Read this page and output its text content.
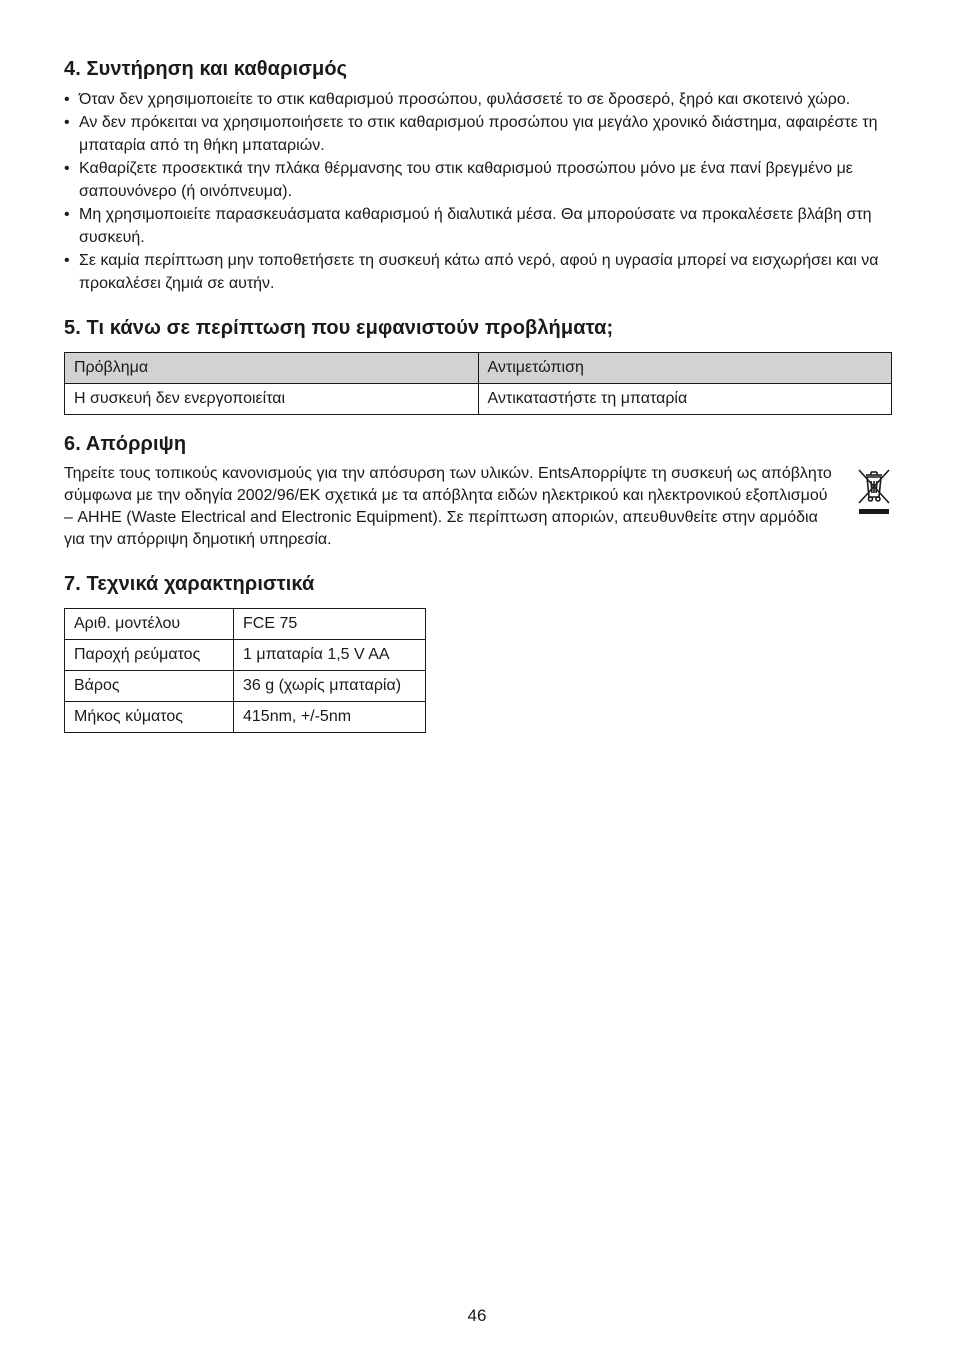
4. Συντήρηση και καθαρισμός
• Όταν δεν χρησιμοποιείτε το στικ καθαρισμού προσώπου, φυλάσσετέ το σε δροσερό, ξηρό και σκοτεινό χώρο.
• Αν δεν πρόκειται να χρησιμοποιήσετε το στικ καθαρισμού προσώπου για μεγάλο χρονικό διάστημα, αφαιρέστε τη μπαταρία από τη θήκη μπαταριών.
• Καθαρίζετε προσεκτικά την πλάκα θέρμανσης του στικ καθαρισμού προσώπου μόνο με ένα πανί βρεγμένο με σαπουνόνερο (ή οινόπνευμα).
• Μη χρησιμοποιείτε παρασκευάσματα καθαρισμού ή διαλυτικά μέσα. Θα μπορούσατε να προκαλέσετε βλάβη στη συσκευή.
• Σε καμία περίπτωση μην τοποθετήσετε τη συσκευή κάτω από νερό, αφού η υγρασία μπορεί να εισχωρήσει και να προκαλέσει ζημιά σε αυτήν.
5. Τι κάνω σε περίπτωση που εμφανιστούν προβλήματα;
Πρόβλημα	Αντιμετώπιση
Η συσκευή δεν ενεργοποιείται	Αντικαταστήστε τη μπαταρία
6. Απόρριψη

Τηρείτε τους τοπικούς κανονισμούς για την απόσυρση των υλικών. EntsΑπορρίψτε τη συσκευή ως απόβλητο σύμφωνα με την οδηγία 2002/96/ΕΚ σχετικά με τα απόβλητα ειδών ηλεκτρικού και ηλεκτρονικού εξοπλισμού – AHHE (Waste Electrical and Electronic Equipment). Σε περίπτωση αποριών, απευθυνθείτε στην αρμόδια για την απόρριψη δημοτική υπηρεσία.

7. Τεχνικά χαρακτηριστικά
Αριθ. μοντέλου	FCE 75
Παροχή ρεύματος	1 μπαταρία 1,5 V AA
Βάρος	36 g (χωρίς μπαταρία)
Μήκος κύματος	415nm, +/-5nm
46
